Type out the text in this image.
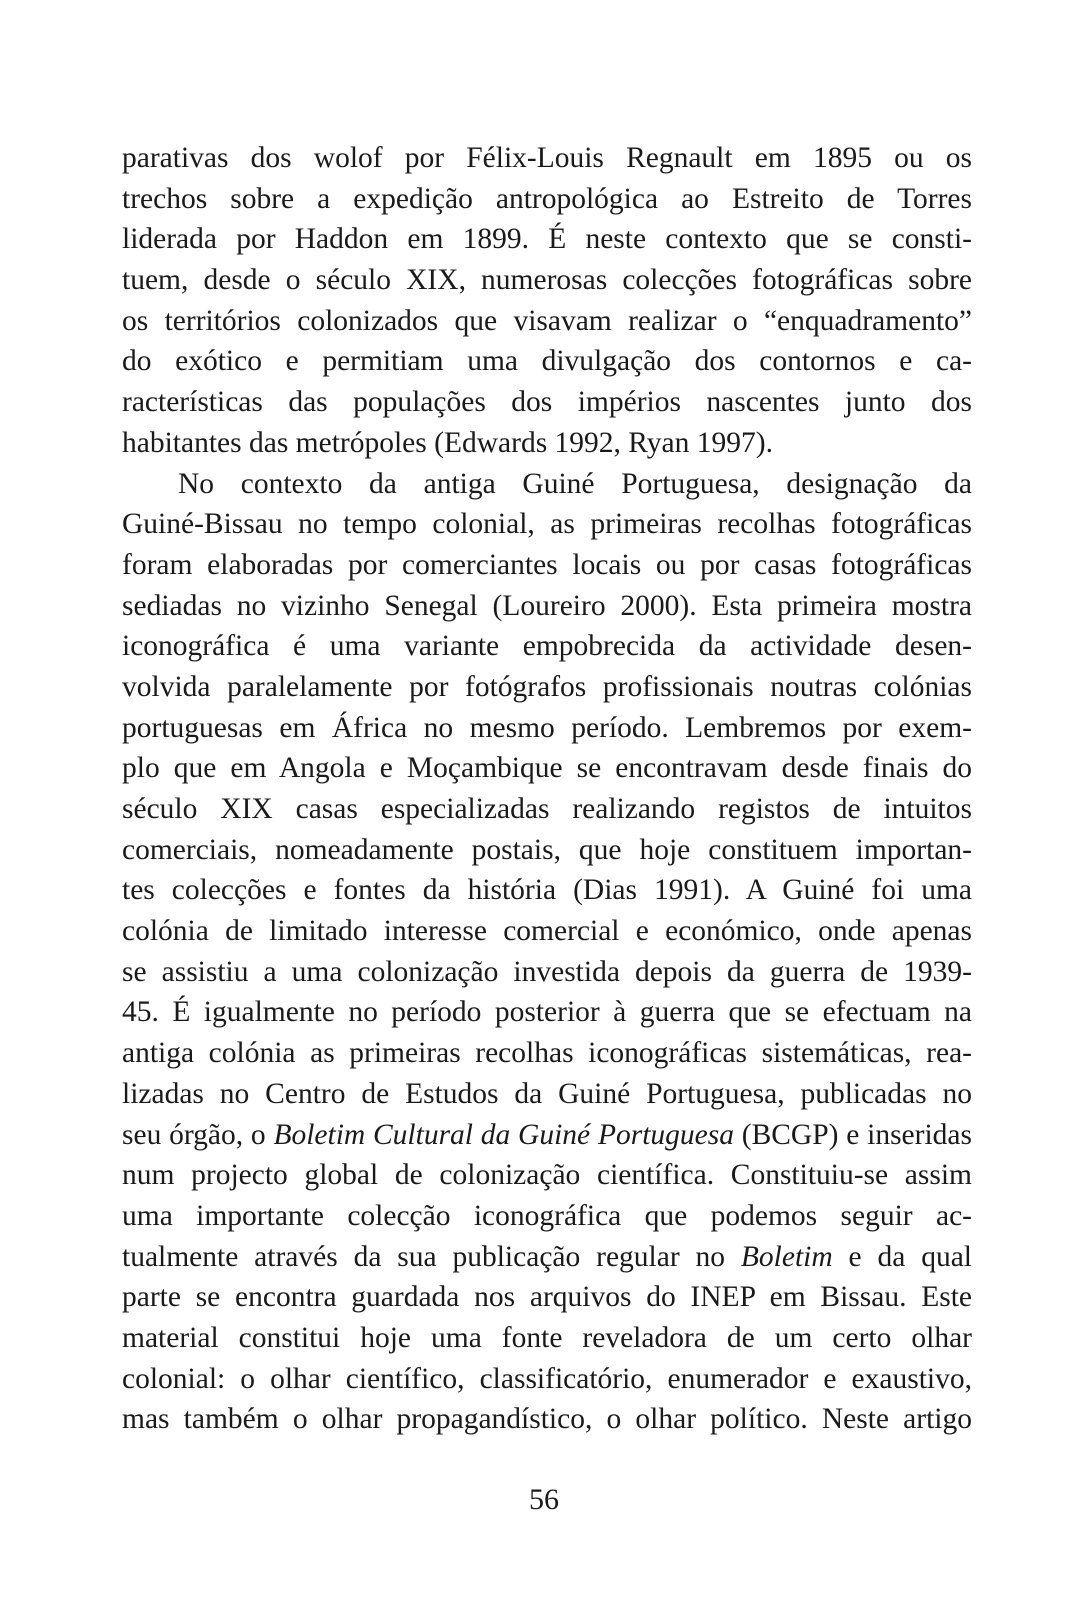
parativas dos wolof por Félix-Louis Regnault em 1895 ou os
trechos sobre a expedição antropológica ao Estreito de Torres
liderada por Haddon em 1899. É neste contexto que se consti-
tuem, desde o século XIX, numerosas colecções fotográficas sobre
os territórios colonizados que visavam realizar o “enquadramento”
do exótico e permitiam uma divulgação dos contornos e ca-
racterísticas das populações dos impérios nascentes junto dos
habitantes das metrópoles (Edwards 1992, Ryan 1997).
No contexto da antiga Guiné Portuguesa, designação da
Guiné-Bissau no tempo colonial, as primeiras recolhas fotográficas
foram elaboradas por comerciantes locais ou por casas fotográficas
sediadas no vizinho Senegal (Loureiro 2000). Esta primeira mostra
iconográfica é uma variante empobrecida da actividade desen-
volvida paralelamente por fotógrafos profissionais noutras colónias
portuguesas em África no mesmo período. Lembremos por exem-
plo que em Angola e Moçambique se encontravam desde finais do
século XIX casas especializadas realizando registos de intuitos
comerciais, nomeadamente postais, que hoje constituem importan-
tes colecções e fontes da história (Dias 1991). A Guiné foi uma
colónia de limitado interesse comercial e económico, onde apenas
se assistiu a uma colonização investida depois da guerra de 1939-
45. É igualmente no período posterior à guerra que se efectuam na
antiga colónia as primeiras recolhas iconográficas sistemáticas, rea-
lizadas no Centro de Estudos da Guiné Portuguesa, publicadas no
seu órgão, o Boletim Cultural da Guiné Portuguesa (BCGP) e inseridas
num projecto global de colonização científica. Constituiu-se assim
uma importante colecção iconográfica que podemos seguir ac-
tualmente através da sua publicação regular no Boletim e da qual
parte se encontra guardada nos arquivos do INEP em Bissau. Este
material constitui hoje uma fonte reveladora de um certo olhar
colonial: o olhar científico, classificatório, enumerador e exaustivo,
mas também o olhar propagandístico, o olhar político. Neste artigo
56
